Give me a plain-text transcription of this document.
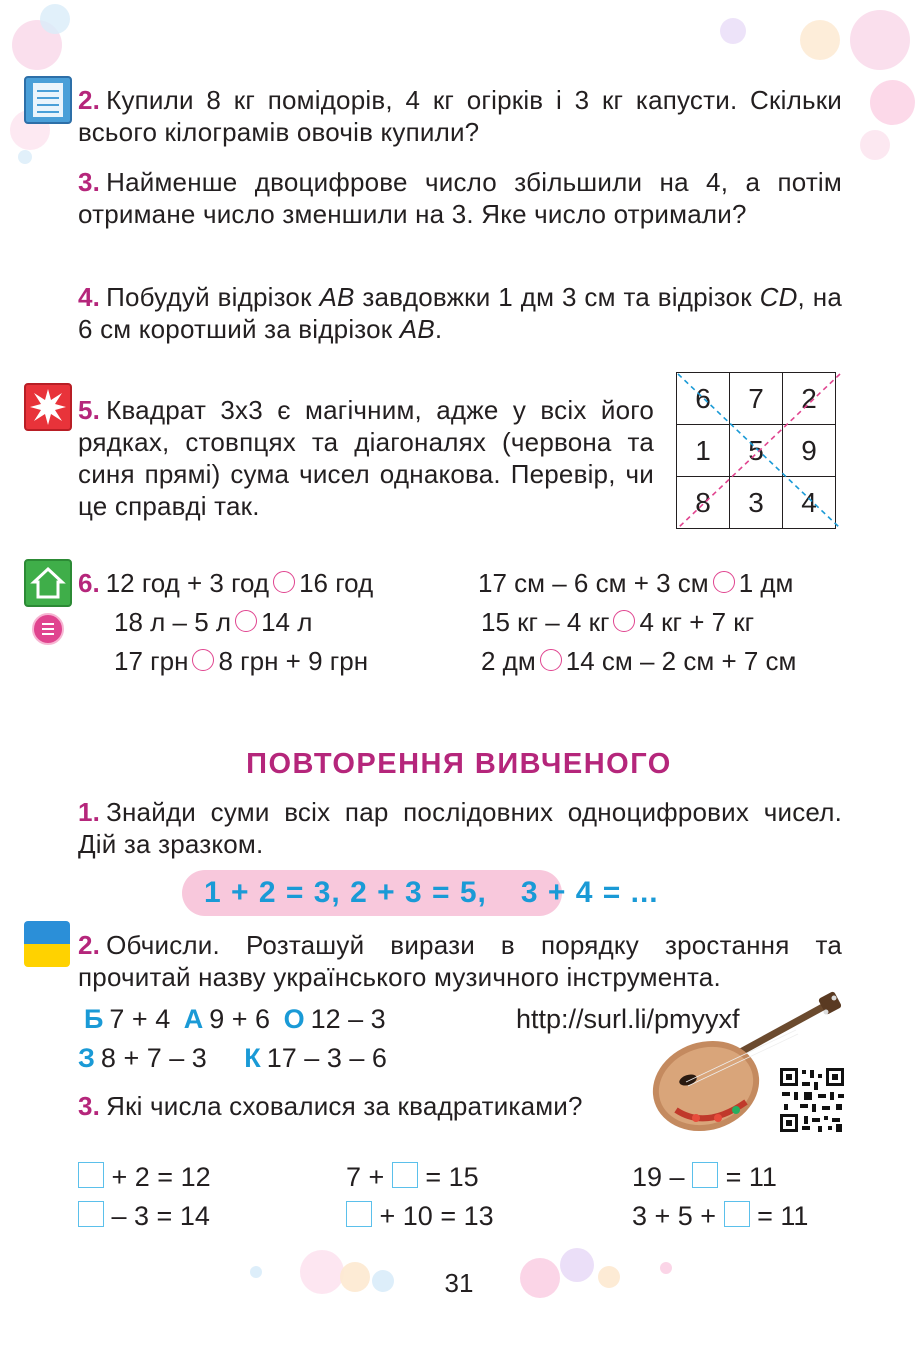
2. Купили 8 кг помідорів, 4 кг огірків і 3 кг капусти. Скільки всього кілограмів овочів купили?
3. Найменше двоцифрове число збільшили на 4, а потім отримане число зменшили на 3. Яке число отримали?
4. Побудуй відрізок AB завдовжки 1 дм 3 см та відрізок CD, на 6 см коротший за відрізок AB.
5. Квадрат 3х3 є магічним, адже у всіх його рядках, стовпцях та діагоналях (червона та синя прямі) сума чисел однакова. Перевір, чи це справді так.
6	7	2
1	5	9
8	3	4
6. 12 год + 3 год 16 год	17 см – 6 см + 3 см 1 дм
18 л – 5 л 14 л	15 кг – 4 кг 4 кг + 7 кг
17 грн 8 грн + 9 грн	2 дм 14 см – 2 см + 7 см
ПОВТОРЕННЯ ВИВЧЕНОГО
1. Знайди суми всіх пар послідовних одноцифрових чисел. Дій за зразком.
1 + 2 = 3, 2 + 3 = 5, 3 + 4 = ...
2. Обчисли. Розташуй вирази в порядку зростання та прочитай назву українського музичного інструмента.
Б 7 + 4 А 9 + 6 О 12 – 3
З 8 + 7 – 3 К 17 – 3 – 6
http://surl.li/pmyyxf
3. Які числа сховалися за квадратиками?
+ 2 = 12	7 + = 15	19 – = 11
– 3 = 14	+ 10 = 13	3 + 5 + = 11
31
